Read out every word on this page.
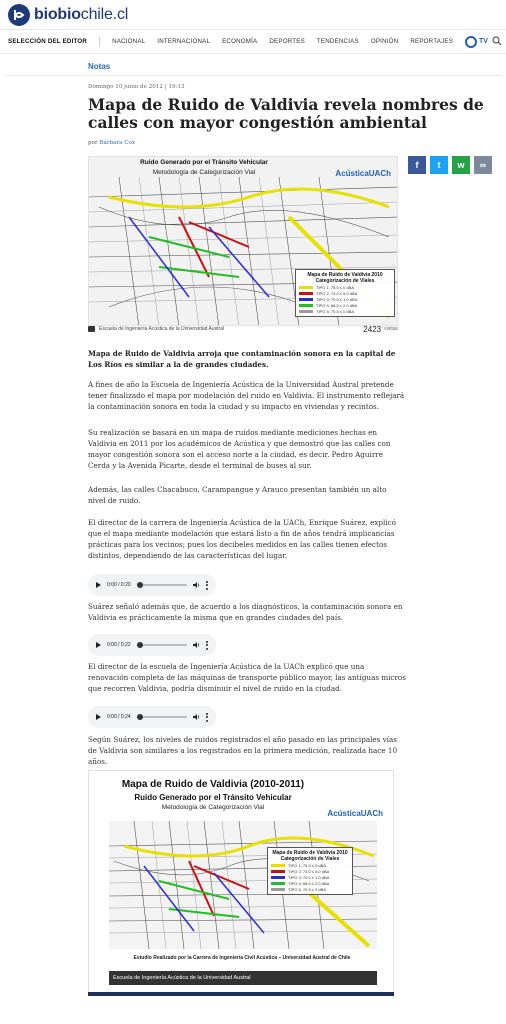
biobiochile.cl
SELECCIÓN DEL EDITOR	NACIONAL INTERNACIONAL ECONOMÍA DEPORTES TENDENCIAS OPINIÓN REPORTAJES	TV
Notas
Domingo 10 junio de 2012 | 19:13
Mapa de Ruido de Valdivia revela nombres de calles con mayor congestión ambiental
por Bárbara Cox
f t w ∞
Ruido Generado por el Tránsito Vehicular
Metodología de Categorización Vial	AcústicaUACh
Mapa de Ruido de Valdivia 2010 Categorización de Viales
TIPO 1: 75.0 ≤ 0 dBA
TIPO 2: 73.0 ≤ 5.0 dBA
TIPO 3: 70.0 ≤ 1.0 dBA
TIPO 4: 68.5 ≤ 2.0 dBA
TIPO 5: 70.5 ≤ 0 dBA
Escuela de Ingeniería Acústica de la Universidad Austral	2423 visitas

Mapa de Ruido de Valdivia arroja que contaminación sonora en la capital de Los Ríos es similar a la de grandes ciudades.

A fines de año la Escuela de Ingeniería Acústica de la Universidad Austral pretende tener finalizado el mapa por modelación del ruido en Valdivia. El instrumento reflejará la contaminación sonora en toda la ciudad y su impacto en viviendas y recintos.

Su realización se basará en un mapa de ruidos mediante mediciones hechas en Valdivia en 2011 por los académicos de Acústica y que demostró que las calles con mayor congestión sonora son el acceso norte a la ciudad, es decir, Pedro Aguirre Cerda y la Avenida Picarte, desde el terminal de buses al sur.

Además, las calles Chacabuco, Carampangue y Arauco presentan también un alto nivel de ruido.

El director de la carrera de Ingeniería Acústica de la UACh, Enrique Suárez, explicó que el mapa mediante modelación que estará listo a fin de años tendrá implicancias prácticas para los vecinos; pues los decibeles medidos en las calles tienen efectos distintos, dependiendo de las características del lugar.

0:00 / 0:20

Suárez señaló además que, de acuerdo a los diagnósticos, la contaminación sonora en Valdivia es prácticamente la misma que en grandes ciudades del país.

0:00 / 0:22

El director de la escuela de Ingeniería Acústica de la UACh explicó que una renovación completa de las máquinas de transporte público mayor, las antiguas micros que recorren Valdivia, podría disminuir el nivel de ruido en la ciudad.

0:00 / 0:24

Según Suárez, los niveles de ruidos registrados el año pasado en las principales vías de Valdivia son similares a los registrados en la primera medición, realizada hace 10 años.

Mapa de Ruido de Valdivia (2010-2011)
Ruido Generado por el Tránsito Vehicular
Metodología de Categorización Vial
AcústicaUACh
Mapa de Ruido de Valdivia 2010 Categorización de Viales
TIPO 1: 75.0 ≤ 0 dBA
TIPO 2: 73.0 ≤ 5.0 dBA
TIPO 3: 70.0 ≤ 1.0 dBA
TIPO 4: 68.5 ≤ 2.0 dBA
TIPO 5: 70.5 ≤ 0 dBA
Estudio Realizado por la Carrera de Ingeniería Civil Acústica – Universidad Austral de Chile
Escuela de Ingeniería Acústica de la Universidad Austral
